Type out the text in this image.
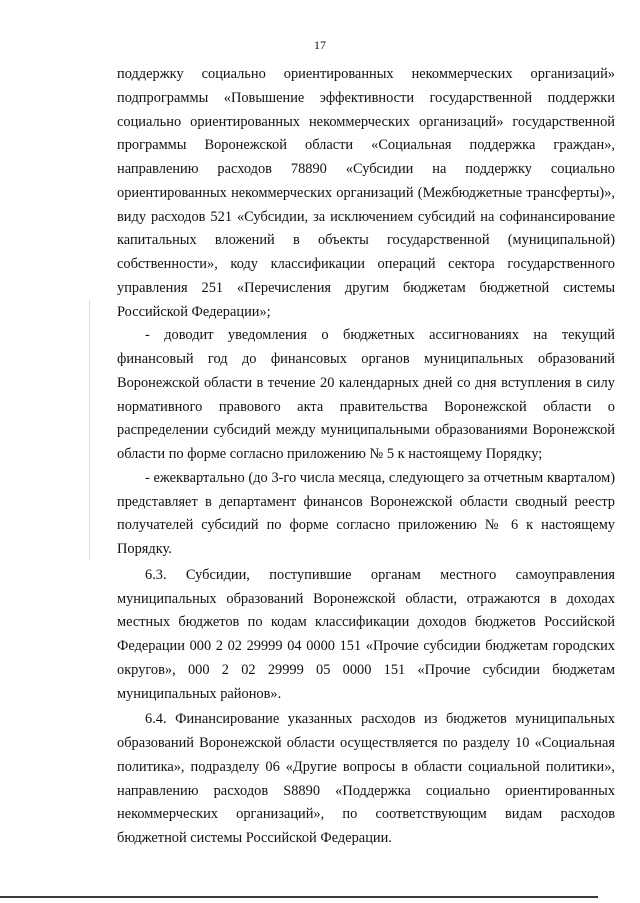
17

поддержку социально ориентированных некоммерческих организаций» подпрограммы «Повышение эффективности государственной поддержки социально ориентированных некоммерческих организаций» государственной программы Воронежской области «Социальная поддержка граждан», направлению расходов 78890 «Субсидии на поддержку социально ориентированных некоммерческих организаций (Межбюджетные трансферты)», виду расходов 521 «Субсидии, за исключением субсидий на софинансирование капитальных вложений в объекты государственной (муниципальной) собственности», коду классификации операций сектора государственного управления 251 «Перечисления другим бюджетам бюджетной системы Российской Федерации»;

- доводит уведомления о бюджетных ассигнованиях на текущий финансовый год до финансовых органов муниципальных образований Воронежской области в течение 20 календарных дней со дня вступления в силу нормативного правового акта правительства Воронежской области о распределении субсидий между муниципальными образованиями Воронежской области по форме согласно приложению № 5 к настоящему Порядку;

- ежеквартально (до 3-го числа месяца, следующего за отчетным кварталом) представляет в департамент финансов Воронежской области сводный реестр получателей субсидий по форме согласно приложению № 6 к настоящему Порядку.

6.3. Субсидии, поступившие органам местного самоуправления муниципальных образований Воронежской области, отражаются в доходах местных бюджетов по кодам классификации доходов бюджетов Российской Федерации 000 2 02 29999 04 0000 151 «Прочие субсидии бюджетам городских округов», 000 2 02 29999 05 0000 151 «Прочие субсидии бюджетам муниципальных районов».

6.4. Финансирование указанных расходов из бюджетов муниципальных образований Воронежской области осуществляется по разделу 10 «Социальная политика», подразделу 06 «Другие вопросы в области социальной политики», направлению расходов S8890 «Поддержка социально ориентированных некоммерческих организаций», по соответствующим видам расходов бюджетной системы Российской Федерации.
